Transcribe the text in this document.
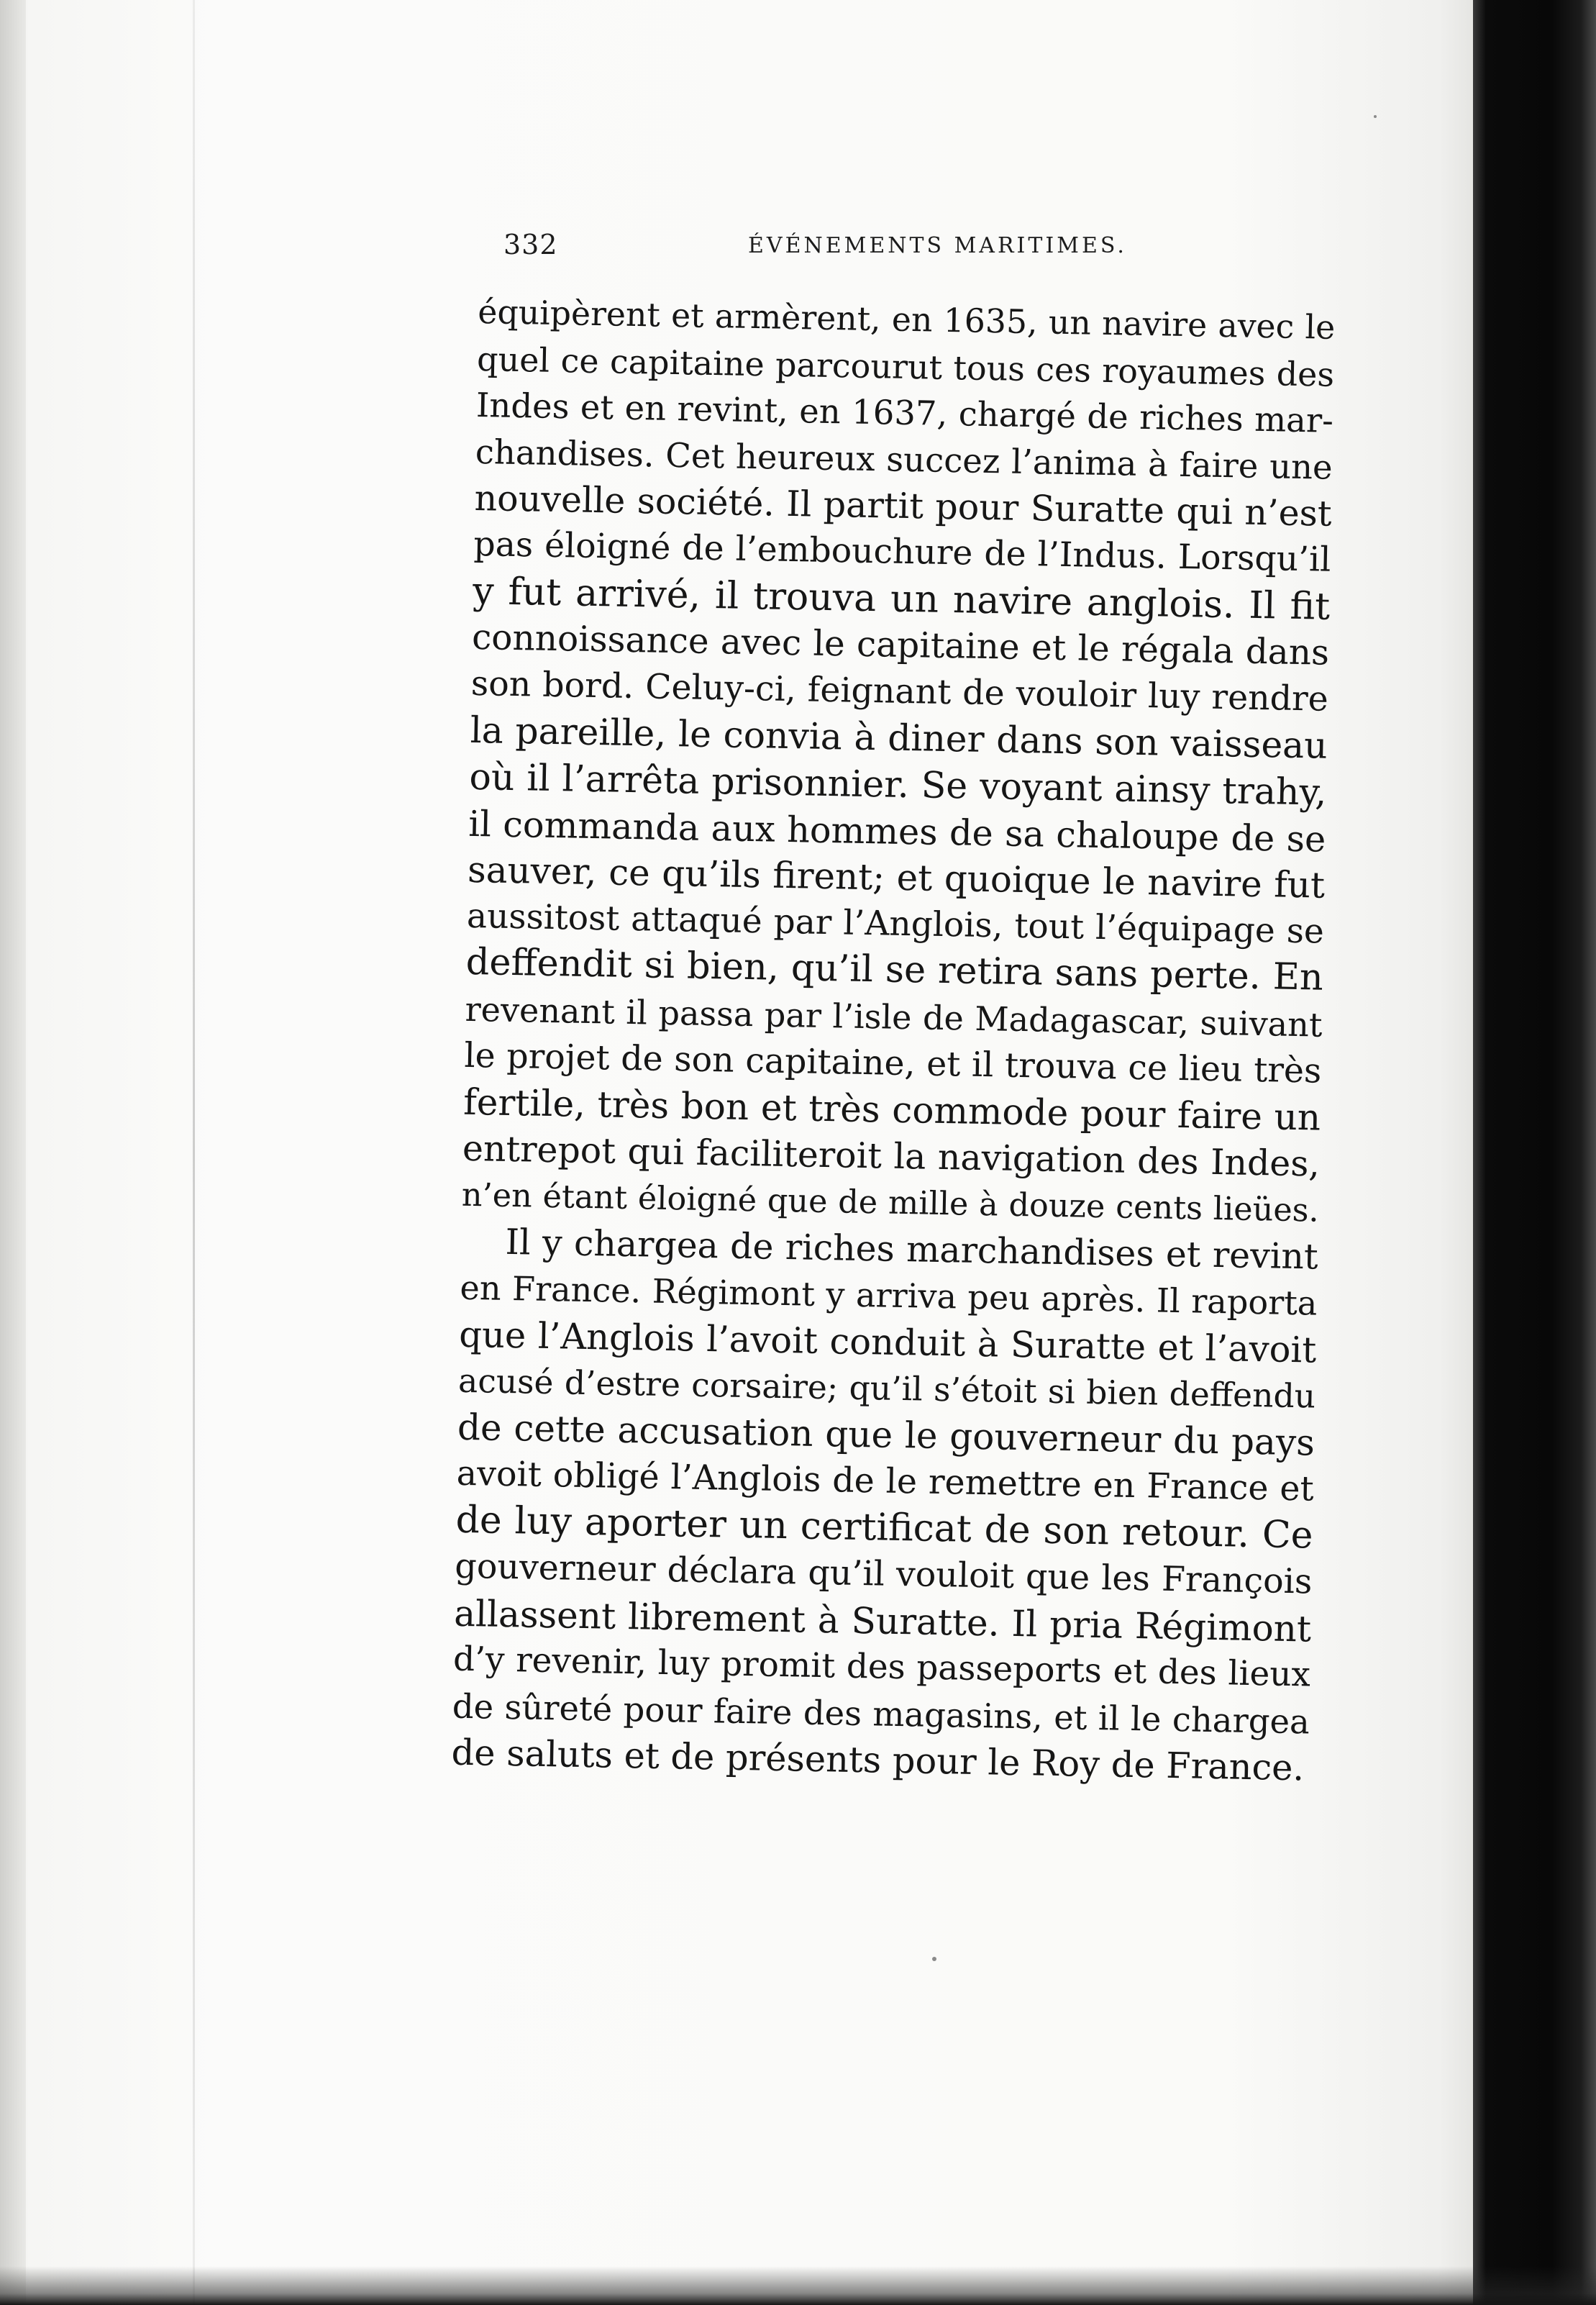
332	ÉVÉNEMENTS MARITIMES.
équipèrent et armèrent, en 1635, un navire avec le
quel ce capitaine parcourut tous ces royaumes des
Indes et en revint, en 1637, chargé de riches mar-
chandises. Cet heureux succez l’anima à faire une
nouvelle société. Il partit pour Suratte qui n’est
pas éloigné de l’embouchure de l’Indus. Lorsqu’il
y fut arrivé, il trouva un navire anglois. Il fit
connoissance avec le capitaine et le régala dans
son bord. Celuy-ci, feignant de vouloir luy rendre
la pareille, le convia à diner dans son vaisseau
où il l’arrêta prisonnier. Se voyant ainsy trahy,
il commanda aux hommes de sa chaloupe de se
sauver, ce qu’ils firent; et quoique le navire fut
aussitost attaqué par l’Anglois, tout l’équipage se
deffendit si bien, qu’il se retira sans perte. En
revenant il passa par l’isle de Madagascar, suivant
le projet de son capitaine, et il trouva ce lieu très
fertile, très bon et très commode pour faire un
entrepot qui faciliteroit la navigation des Indes,
n’en étant éloigné que de mille à douze cents lieües.
Il y chargea de riches marchandises et revint
en France. Régimont y arriva peu après. Il raporta
que l’Anglois l’avoit conduit à Suratte et l’avoit
acusé d’estre corsaire; qu’il s’étoit si bien deffendu
de cette accusation que le gouverneur du pays
avoit obligé l’Anglois de le remettre en France et
de luy aporter un certificat de son retour. Ce
gouverneur déclara qu’il vouloit que les François
allassent librement à Suratte. Il pria Régimont
d’y revenir, luy promit des passeports et des lieux
de sûreté pour faire des magasins, et il le chargea
de saluts et de présents pour le Roy de France.
